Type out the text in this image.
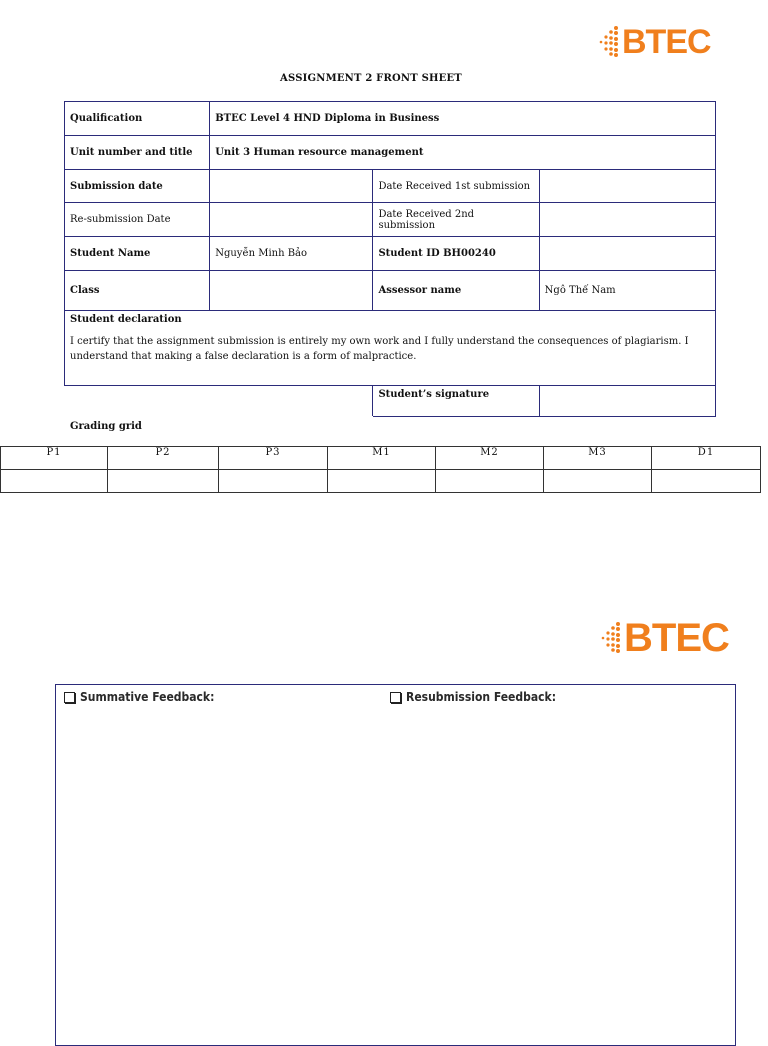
BTEC
ASSIGNMENT 2 FRONT SHEET
Qualification	BTEC Level 4 HND Diploma in Business		
Unit number and title	Unit 3 Human resource management		
Submission date		Date Received 1st submission	
Re-submission Date		Date Received 2nd submission	
Student Name	Nguyễn Minh Bảo	Student ID BH00240	
Class		Assessor name	Ngô Thế Nam

Student declaration
I certify that the assignment submission is entirely my own work and I fully understand the consequences of plagiarism. I understand that making a false declaration is a form of malpractice.			

		Student’s signature	
Grading grid
P1	P2	P3	M1	M2	M3	D1

BTEC
Summative Feedback:	Resubmission Feedback:
